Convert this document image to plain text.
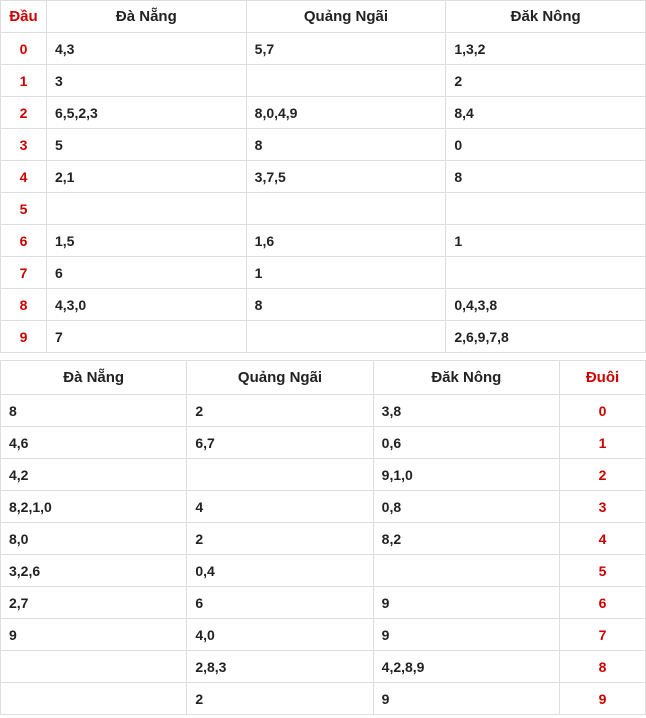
Đầu	Đà Nẵng	Quảng Ngãi	Đăk Nông
0	4,3	5,7	1,3,2
1	3		2
2	6,5,2,3	8,0,4,9	8,4
3	5	8	0
4	2,1	3,7,5	8
5			
6	1,5	1,6	1
7	6	1	
8	4,3,0	8	0,4,3,8
9	7		2,6,9,7,8
Đà Nẵng	Quảng Ngãi	Đăk Nông	Đuôi
8	2	3,8	0
4,6	6,7	0,6	1
4,2		9,1,0	2
8,2,1,0	4	0,8	3
8,0	2	8,2	4
3,2,6	0,4		5
2,7	6	9	6
9	4,0	9	7
	2,8,3	4,2,8,9	8
	2	9	9
